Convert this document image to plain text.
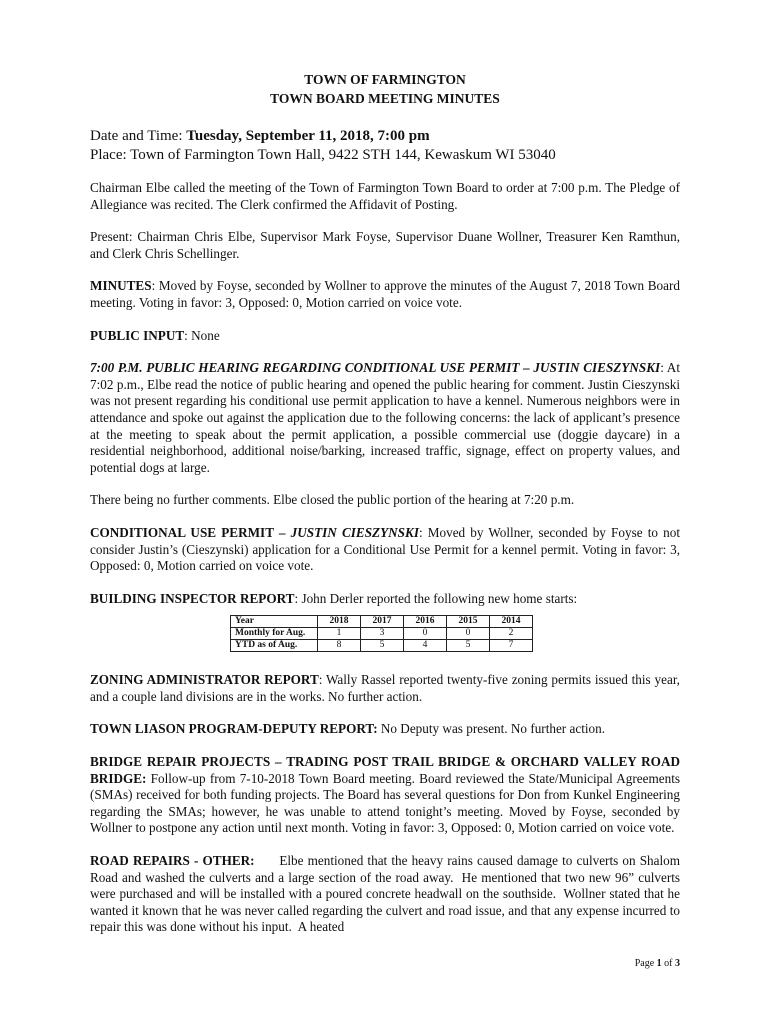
TOWN OF FARMINGTON
TOWN BOARD MEETING MINUTES
Date and Time: Tuesday, September 11, 2018, 7:00 pm
Place: Town of Farmington Town Hall, 9422 STH 144, Kewaskum WI 53040

Chairman Elbe called the meeting of the Town of Farmington Town Board to order at 7:00 p.m. The Pledge of Allegiance was recited. The Clerk confirmed the Affidavit of Posting.

Present: Chairman Chris Elbe, Supervisor Mark Foyse, Supervisor Duane Wollner, Treasurer Ken Ramthun, and Clerk Chris Schellinger.

MINUTES: Moved by Foyse, seconded by Wollner to approve the minutes of the August 7, 2018 Town Board meeting. Voting in favor: 3, Opposed: 0, Motion carried on voice vote.

PUBLIC INPUT: None

7:00 P.M. PUBLIC HEARING REGARDING CONDITIONAL USE PERMIT – JUSTIN CIESZYNSKI: At 7:02 p.m., Elbe read the notice of public hearing and opened the public hearing for comment. Justin Cieszynski was not present regarding his conditional use permit application to have a kennel. Numerous neighbors were in attendance and spoke out against the application due to the following concerns: the lack of applicant’s presence at the meeting to speak about the permit application, a possible commercial use (doggie daycare) in a residential neighborhood, additional noise/barking, increased traffic, signage, effect on property values, and potential dogs at large.

There being no further comments. Elbe closed the public portion of the hearing at 7:20 p.m.

CONDITIONAL USE PERMIT – JUSTIN CIESZYNSKI: Moved by Wollner, seconded by Foyse to not consider Justin’s (Cieszynski) application for a Conditional Use Permit for a kennel permit. Voting in favor: 3, Opposed: 0, Motion carried on voice vote.

BUILDING INSPECTOR REPORT: John Derler reported the following new home starts:

Year	2018	2017	2016	2015	2014
Monthly for Aug.	1	3	0	0	2
YTD as of Aug.	8	5	4	5	7

ZONING ADMINISTRATOR REPORT: Wally Rassel reported twenty-five zoning permits issued this year, and a couple land divisions are in the works. No further action.

TOWN LIASON PROGRAM-DEPUTY REPORT: No Deputy was present. No further action.

BRIDGE REPAIR PROJECTS – TRADING POST TRAIL BRIDGE & ORCHARD VALLEY ROAD BRIDGE: Follow-up from 7-10-2018 Town Board meeting. Board reviewed the State/Municipal Agreements (SMAs) received for both funding projects. The Board has several questions for Don from Kunkel Engineering regarding the SMAs; however, he was unable to attend tonight’s meeting. Moved by Foyse, seconded by Wollner to postpone any action until next month. Voting in favor: 3, Opposed: 0, Motion carried on voice vote.

ROAD REPAIRS - OTHER:      Elbe mentioned that the heavy rains caused damage to culverts on Shalom Road and washed the culverts and a large section of the road away.  He mentioned that two new 96” culverts were purchased and will be installed with a poured concrete headwall on the southside.  Wollner stated that he wanted it known that he was never called regarding the culvert and road issue, and that any expense incurred to repair this was done without his input.  A heated

Page 1 of 3
